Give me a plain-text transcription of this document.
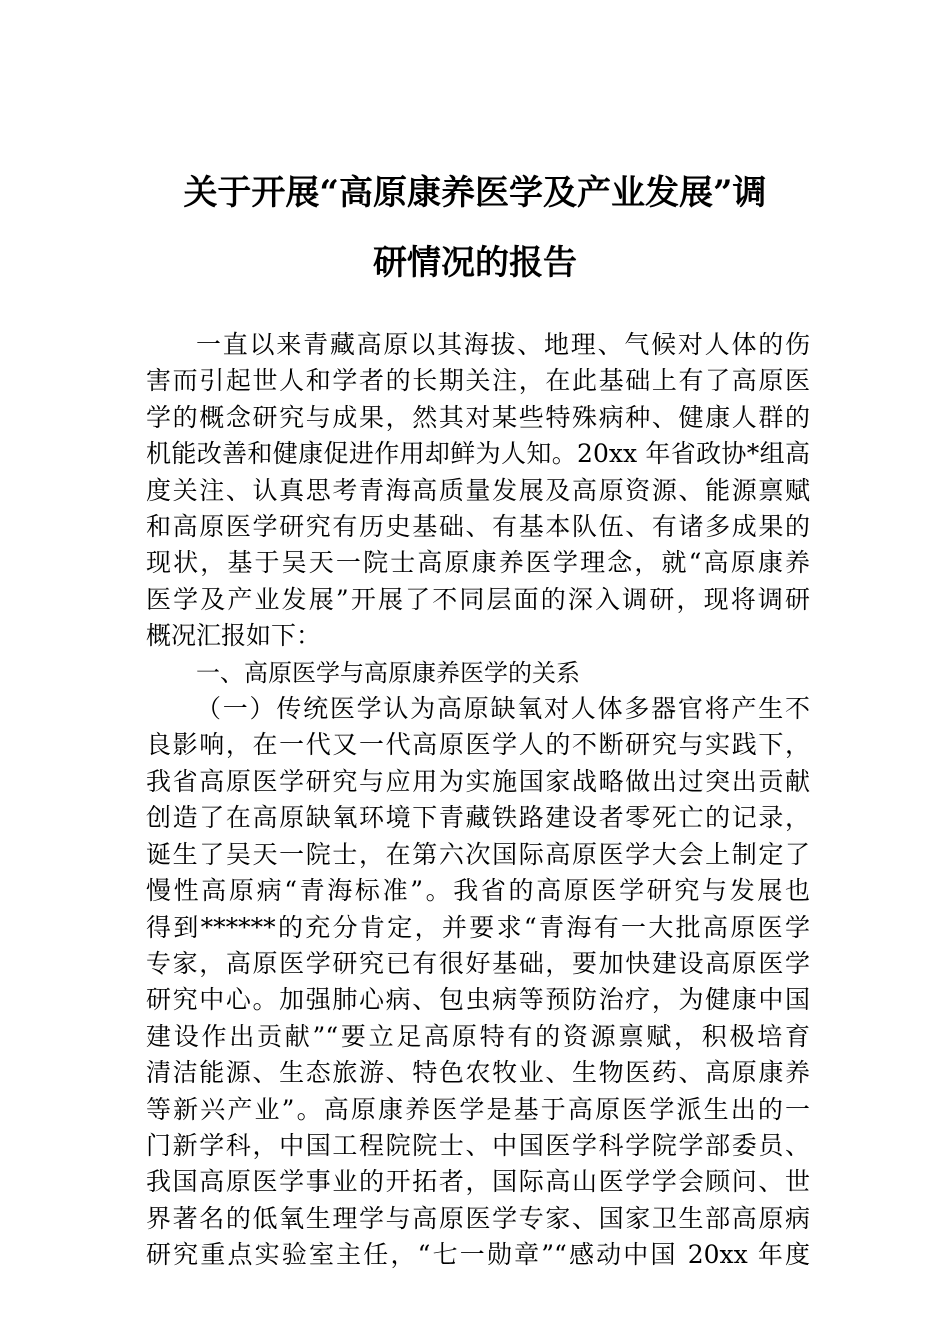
关于开展“高原康养医学及产业发展”调
研情况的报告
一直以来青藏高原以其海拔、地理、气候对人体的伤
害而引起世人和学者的长期关注，在此基础上有了高原医
学的概念研究与成果，然其对某些特殊病种、健康人群的
机能改善和健康促进作用却鲜为人知。20xx 年省政协*组高
度关注、认真思考青海高质量发展及高原资源、能源禀赋
和高原医学研究有历史基础、有基本队伍、有诸多成果的
现状，基于吴天一院士高原康养医学理念，就“高原康养
医学及产业发展”开展了不同层面的深入调研，现将调研
概况汇报如下：
一、高原医学与高原康养医学的关系
（一）传统医学认为高原缺氧对人体多器官将产生不
良影响，在一代又一代高原医学人的不断研究与实践下，
我省高原医学研究与应用为实施国家战略做出过突出贡献
创造了在高原缺氧环境下青藏铁路建设者零死亡的记录，
诞生了吴天一院士，在第六次国际高原医学大会上制定了
慢性高原病“青海标准”。我省的高原医学研究与发展也
得到******的充分肯定，并要求“青海有一大批高原医学
专家，高原医学研究已有很好基础，要加快建设高原医学
研究中心。加强肺心病、包虫病等预防治疗，为健康中国
建设作出贡献”“要立足高原特有的资源禀赋，积极培育
清洁能源、生态旅游、特色农牧业、生物医药、高原康养
等新兴产业”。高原康养医学是基于高原医学派生出的一
门新学科，中国工程院院士、中国医学科学院学部委员、
我国高原医学事业的开拓者，国际高山医学学会顾问、世
界著名的低氧生理学与高原医学专家、国家卫生部高原病
研究重点实验室主任，“七一勋章”“感动中国 20xx 年度
